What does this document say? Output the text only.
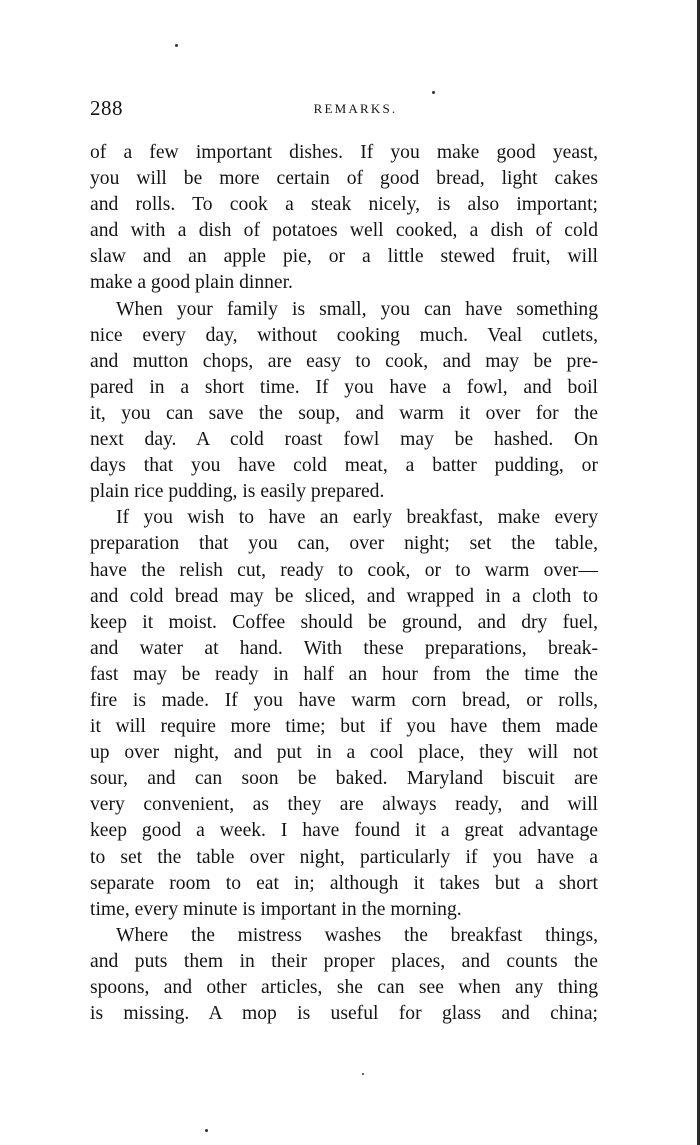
288	REMARKS.
of a few important dishes. If you make good yeast,
you will be more certain of good bread, light cakes
and rolls. To cook a steak nicely, is also important;
and with a dish of potatoes well cooked, a dish of cold
slaw and an apple pie, or a little stewed fruit, will
make a good plain dinner.
When your family is small, you can have something
nice every day, without cooking much. Veal cutlets,
and mutton chops, are easy to cook, and may be pre-
pared in a short time. If you have a fowl, and boil
it, you can save the soup, and warm it over for the
next day. A cold roast fowl may be hashed. On
days that you have cold meat, a batter pudding, or
plain rice pudding, is easily prepared.
If you wish to have an early breakfast, make every
preparation that you can, over night; set the table,
have the relish cut, ready to cook, or to warm over—
and cold bread may be sliced, and wrapped in a cloth to
keep it moist. Coffee should be ground, and dry fuel,
and water at hand. With these preparations, break-
fast may be ready in half an hour from the time the
fire is made. If you have warm corn bread, or rolls,
it will require more time; but if you have them made
up over night, and put in a cool place, they will not
sour, and can soon be baked. Maryland biscuit are
very convenient, as they are always ready, and will
keep good a week. I have found it a great advantage
to set the table over night, particularly if you have a
separate room to eat in; although it takes but a short
time, every minute is important in the morning.
Where the mistress washes the breakfast things,
and puts them in their proper places, and counts the
spoons, and other articles, she can see when any thing
is missing. A mop is useful for glass and china;
